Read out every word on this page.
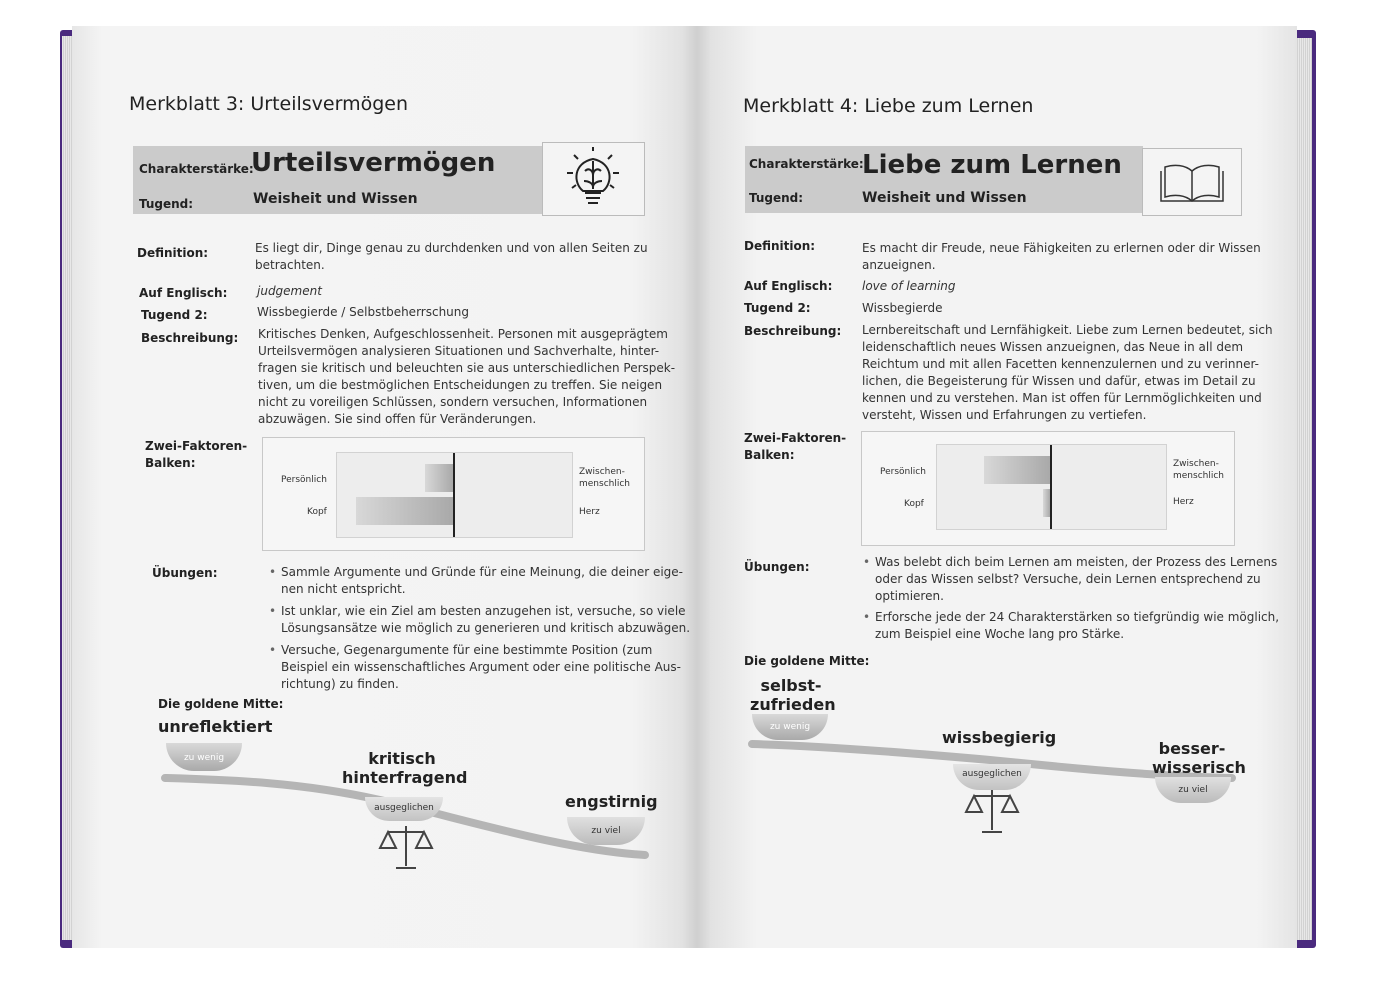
Merkblatt 3: Urteilsvermögen
Charakterstärke:
Urteilsvermögen
Tugend:	Weisheit und Wissen
Definition:	Es liegt dir, Dinge genau zu durchdenken und von allen Seiten zu
betrachten.
Auf Englisch: judgement
Tugend 2:	Wissbegierde / Selbstbeherrschung
Beschreibung: Kritisches Denken, Aufgeschlossenheit. Personen mit ausgeprägtem
Urteilsvermögen analysieren Situationen und Sachverhalte, hinter-
fragen sie kritisch und beleuchten sie aus unterschiedlichen Perspek-
tiven, um die bestmöglichen Entscheidungen zu treffen. Sie neigen
nicht zu voreiligen Schlüssen, sondern versuchen, Informationen
abzuwägen. Sie sind offen für Veränderungen.
Zwei-Faktoren-
Balken:
Persönlich
Kopf
Zwischen-
menschlich
Herz
Übungen:	• Sammle Argumente und Gründe für eine Meinung, die deiner eige-
nen nicht entspricht.
• Ist unklar, wie ein Ziel am besten anzugehen ist, versuche, so viele
Lösungsansätze wie möglich zu generieren und kritisch abzuwägen.
• Versuche, Gegenargumente für eine bestimmte Position (zum
Beispiel ein wissenschaftliches Argument oder eine politische Aus-
richtung) zu finden.
Die goldene Mitte:
unreflektiert
zu wenig	kritisch
hinterfragend
ausgeglichen	engstirnig
zu viel
Merkblatt 4: Liebe zum Lernen
Charakterstärke:
Liebe zum Lernen
Tugend:	Weisheit und Wissen
Definition:	Es macht dir Freude, neue Fähigkeiten zu erlernen oder dir Wissen
anzueignen.
Auf Englisch: love of learning
Tugend 2:	Wissbegierde
Beschreibung: Lernbereitschaft und Lernfähigkeit. Liebe zum Lernen bedeutet, sich
leidenschaftlich neues Wissen anzueignen, das Neue in all dem
Reichtum und mit allen Facetten kennenzulernen und zu verinner-
lichen, die Begeisterung für Wissen und dafür, etwas im Detail zu
kennen und zu verstehen. Man ist offen für Lernmöglichkeiten und
versteht, Wissen und Erfahrungen zu vertiefen.
Zwei-Faktoren-
Balken:
Persönlich
Kopf
Zwischen-
menschlich
Herz
Übungen:	• Was belebt dich beim Lernen am meisten, der Prozess des Lernens
oder das Wissen selbst? Versuche, dein Lernen entsprechend zu
optimieren.
• Erforsche jede der 24 Charakterstärken so tiefgründig wie möglich,
zum Beispiel eine Woche lang pro Stärke.
Die goldene Mitte:
selbst-
zufrieden
zu wenig
wissbegierig
ausgeglichen
besser-
wisserisch
zu viel
